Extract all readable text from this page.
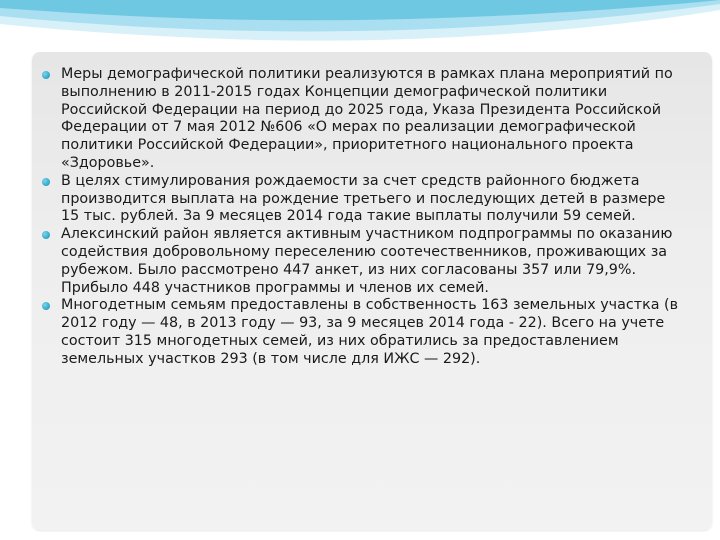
Меры демографической политики реализуются в рамках плана мероприятий по выполнению в 2011-2015 годах Концепции демографической политики Российской Федерации на период до 2025 года, Указа Президента Российской Федерации от 7 мая 2012 №606 «О мерах по реализации демографической политики Российской Федерации», приоритетного национального проекта «Здоровье».
В целях стимулирования рождаемости за счет средств районного бюджета производится выплата на рождение третьего и последующих детей в размере 15 тыс. рублей. За 9 месяцев 2014 года такие выплаты получили 59 семей.
Алексинский район является активным участником подпрограммы по оказанию содействия добровольному переселению соотечественников, проживающих за рубежом. Было рассмотрено 447 анкет, из них согласованы 357 или 79,9%. Прибыло 448 участников программы и членов их семей.
Многодетным семьям предоставлены в собственность 163 земельных участка (в 2012 году — 48, в 2013 году — 93, за 9 месяцев 2014 года - 22). Всего на учете состоит 315 многодетных семей, из них обратились за предоставлением земельных участков 293 (в том числе для ИЖС — 292).
